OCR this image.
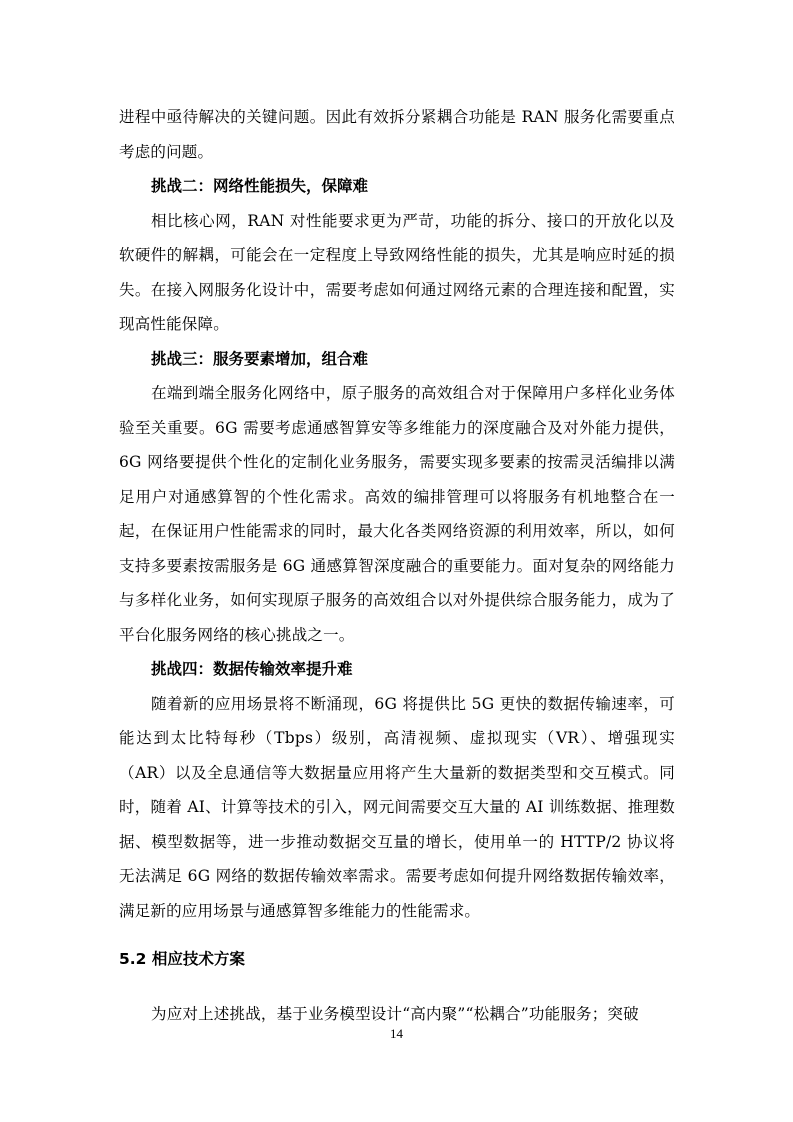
进程中亟待解决的关键问题。因此有效拆分紧耦合功能是 RAN 服务化需要重点考虑的问题。

挑战二：网络性能损失，保障难

相比核心网，RAN 对性能要求更为严苛，功能的拆分、接口的开放化以及软硬件的解耦，可能会在一定程度上导致网络性能的损失，尤其是响应时延的损失。在接入网服务化设计中，需要考虑如何通过网络元素的合理连接和配置，实现高性能保障。

挑战三：服务要素增加，组合难

在端到端全服务化网络中，原子服务的高效组合对于保障用户多样化业务体验至关重要。6G 需要考虑通感智算安等多维能力的深度融合及对外能力提供，6G 网络要提供个性化的定制化业务服务，需要实现多要素的按需灵活编排以满足用户对通感算智的个性化需求。高效的编排管理可以将服务有机地整合在一起，在保证用户性能需求的同时，最大化各类网络资源的利用效率，所以，如何支持多要素按需服务是 6G 通感算智深度融合的重要能力。面对复杂的网络能力与多样化业务，如何实现原子服务的高效组合以对外提供综合服务能力，成为了平台化服务网络的核心挑战之一。

挑战四：数据传输效率提升难

随着新的应用场景将不断涌现，6G 将提供比 5G 更快的数据传输速率，可能达到太比特每秒（Tbps）级别，高清视频、虚拟现实（VR）、增强现实（AR）以及全息通信等大数据量应用将产生大量新的数据类型和交互模式。同时，随着 AI、计算等技术的引入，网元间需要交互大量的 AI 训练数据、推理数据、模型数据等，进一步推动数据交互量的增长，使用单一的 HTTP/2 协议将无法满足 6G 网络的数据传输效率需求。需要考虑如何提升网络数据传输效率，满足新的应用场景与通感算智多维能力的性能需求。

5.2 相应技术方案

为应对上述挑战，基于业务模型设计“高内聚”“松耦合”功能服务；突破

14
